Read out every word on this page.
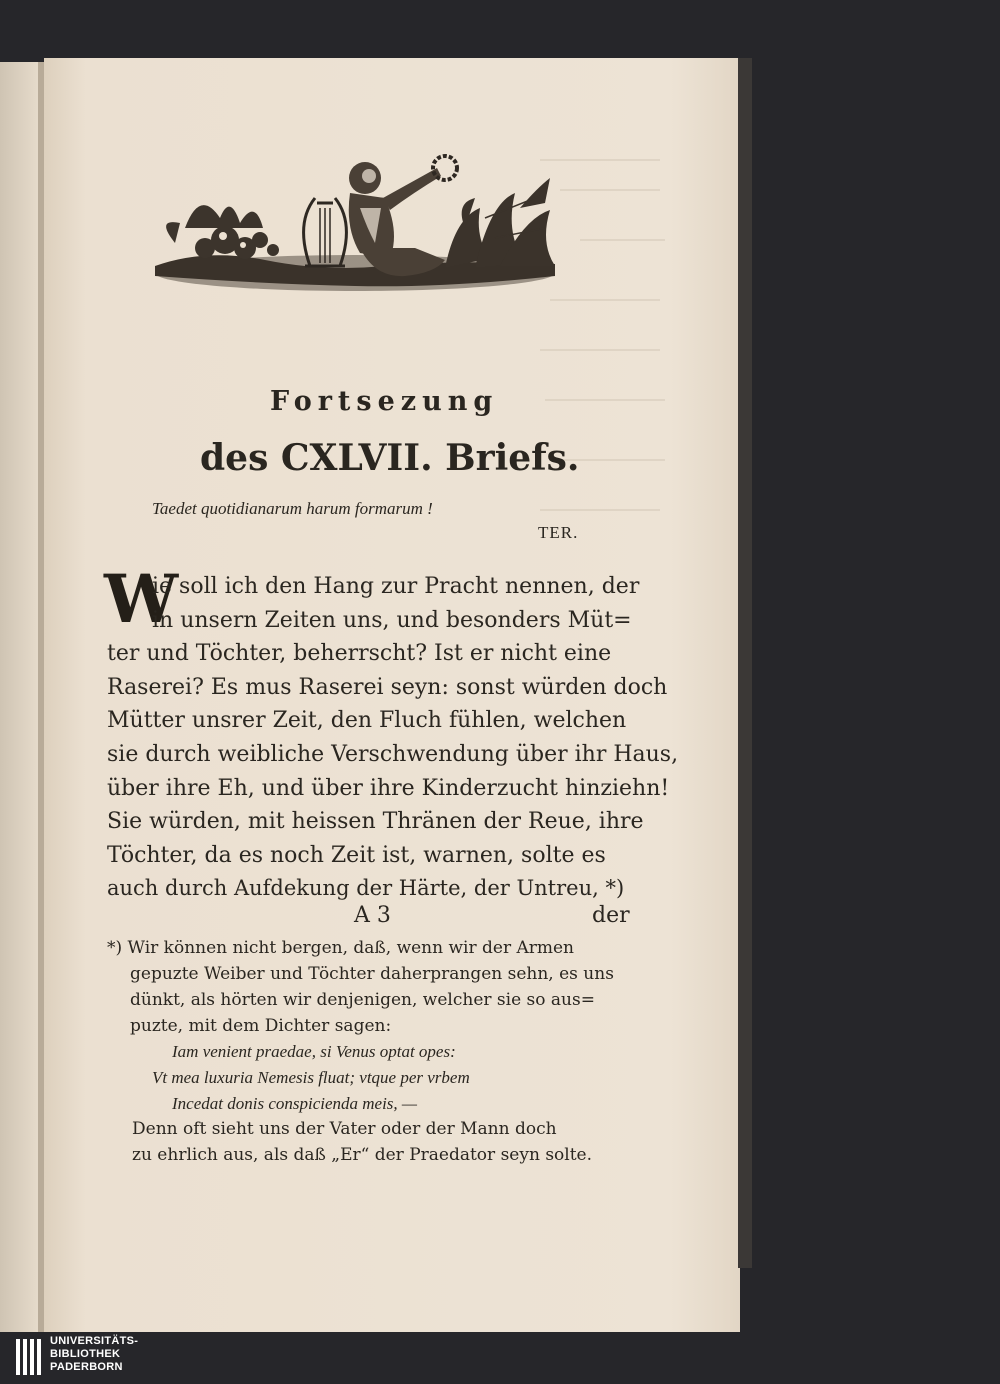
Fortsezung
des CXLVII. Briefs.
Taedet quotidianarum harum formarum !
TER.
W
ie soll ich den Hang zur Pracht nennen, der
in unsern Zeiten uns, und besonders Müt=
ter und Töchter, beherrscht? Ist er nicht eine
Raserei? Es mus Raserei seyn: sonst würden doch
Mütter unsrer Zeit, den Fluch fühlen, welchen
sie durch weibliche Verschwendung über ihr Haus,
über ihre Eh, und über ihre Kinderzucht hinziehn!
Sie würden, mit heissen Thränen der Reue, ihre
Töchter, da es noch Zeit ist, warnen, solte es
auch durch Aufdekung der Härte, der Untreu, *)
A 3	der
*) Wir können nicht bergen, daß, wenn wir der Armen
gepuzte Weiber und Töchter daherprangen sehn, es uns
dünkt, als hörten wir denjenigen, welcher sie so aus=
puzte, mit dem Dichter sagen:
Iam venient praedae, si Venus optat opes:
Vt mea luxuria Nemesis fluat; vtque per vrbem
Incedat donis conspicienda meis, —
Denn oft sieht uns der Vater oder der Mann doch
zu ehrlich aus, als daß „Er“ der Praedator seyn solte.
UNIVERSITÄTS-
BIBLIOTHEK
PADERBORN
